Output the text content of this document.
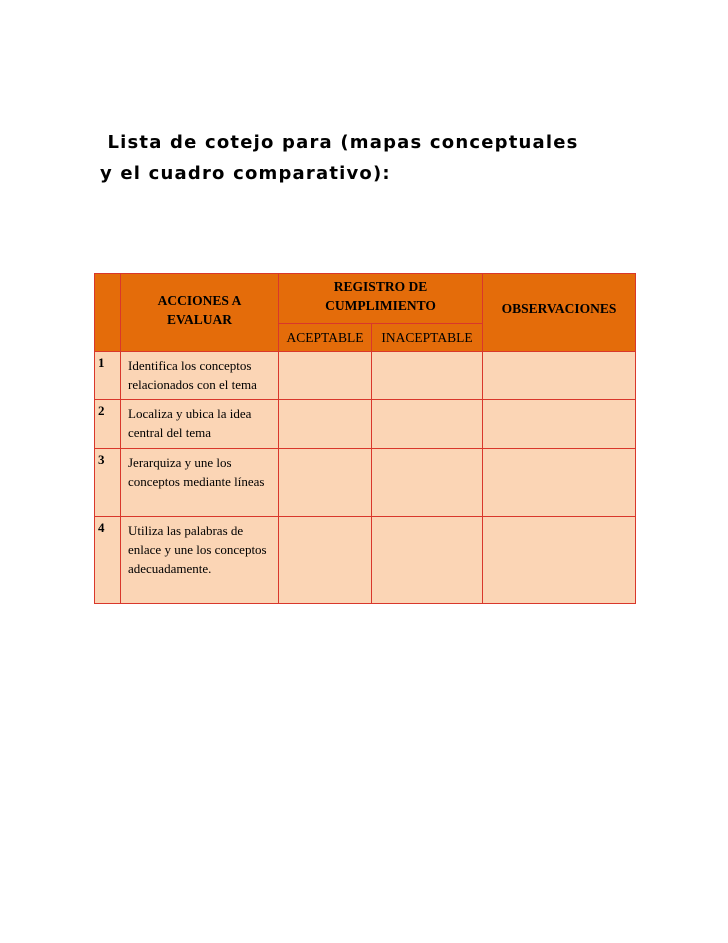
Lista de cotejo para (mapas conceptuales
y el cuadro comparativo):

	ACCIONES A EVALUAR	REGISTRO DE CUMPLIMIENTO		OBSERVACIONES

		ACEPTABLE	INACEPTABLE	

1	Identifica los conceptos relacionados con el tema			
2	Localiza y ubica la idea central del tema			
3	Jerarquiza y une los conceptos mediante líneas			
4	Utiliza las palabras de enlace y une los conceptos adecuadamente.			
